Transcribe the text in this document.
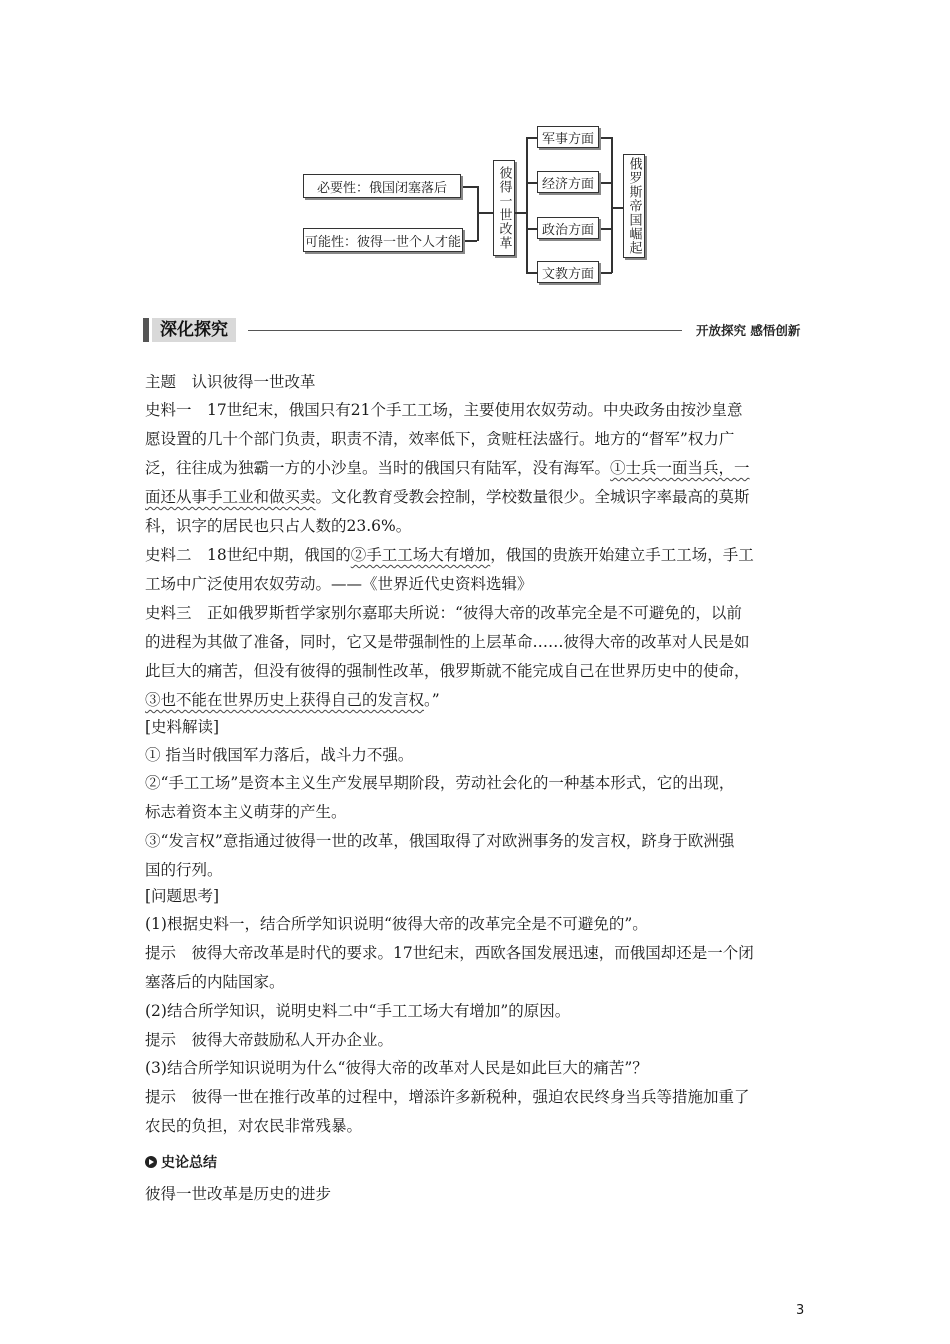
必要性：俄国闭塞落后
可能性：彼得一世个人才能	彼得一世改革
军事方面
经济方面
政治方面
文教方面
俄罗斯帝国崛起
深化探究	开放探究 感悟创新
主题　认识彼得一世改革
史料一　17世纪末，俄国只有21个手工工场，主要使用农奴劳动。中央政务由按沙皇意
愿设置的几十个部门负责，职责不清，效率低下，贪赃枉法盛行。地方的“督军”权力广
泛，往往成为独霸一方的小沙皇。当时的俄国只有陆军，没有海军。①士兵一面当兵，一
面还从事手工业和做买卖。文化教育受教会控制，学校数量很少。全城识字率最高的莫斯
科，识字的居民也只占人数的23.6%。
史料二　18世纪中期，俄国的②手工工场大有增加，俄国的贵族开始建立手工工场，手工
工场中广泛使用农奴劳动。——《世界近代史资料选辑》
史料三　正如俄罗斯哲学家别尔嘉耶夫所说：“彼得大帝的改革完全是不可避免的，以前
的进程为其做了准备，同时，它又是带强制性的上层革命……彼得大帝的改革对人民是如
此巨大的痛苦，但没有彼得的强制性改革，俄罗斯就不能完成自己在世界历史中的使命，
③也不能在世界历史上获得自己的发言权。”
[史料解读]
① 指当时俄国军力落后，战斗力不强。
②“手工工场”是资本主义生产发展早期阶段，劳动社会化的一种基本形式，它的出现，
标志着资本主义萌芽的产生。
③“发言权”意指通过彼得一世的改革，俄国取得了对欧洲事务的发言权，跻身于欧洲强
国的行列。
[问题思考]
(1)根据史料一，结合所学知识说明“彼得大帝的改革完全是不可避免的”。
提示　彼得大帝改革是时代的要求。17世纪末，西欧各国发展迅速，而俄国却还是一个闭
塞落后的内陆国家。
(2)结合所学知识，说明史料二中“手工工场大有增加”的原因。
提示　彼得大帝鼓励私人开办企业。
(3)结合所学知识说明为什么“彼得大帝的改革对人民是如此巨大的痛苦”？
提示　彼得一世在推行改革的过程中，增添许多新税种，强迫农民终身当兵等措施加重了
农民的负担，对农民非常残暴。
史论总结
彼得一世改革是历史的进步
3
